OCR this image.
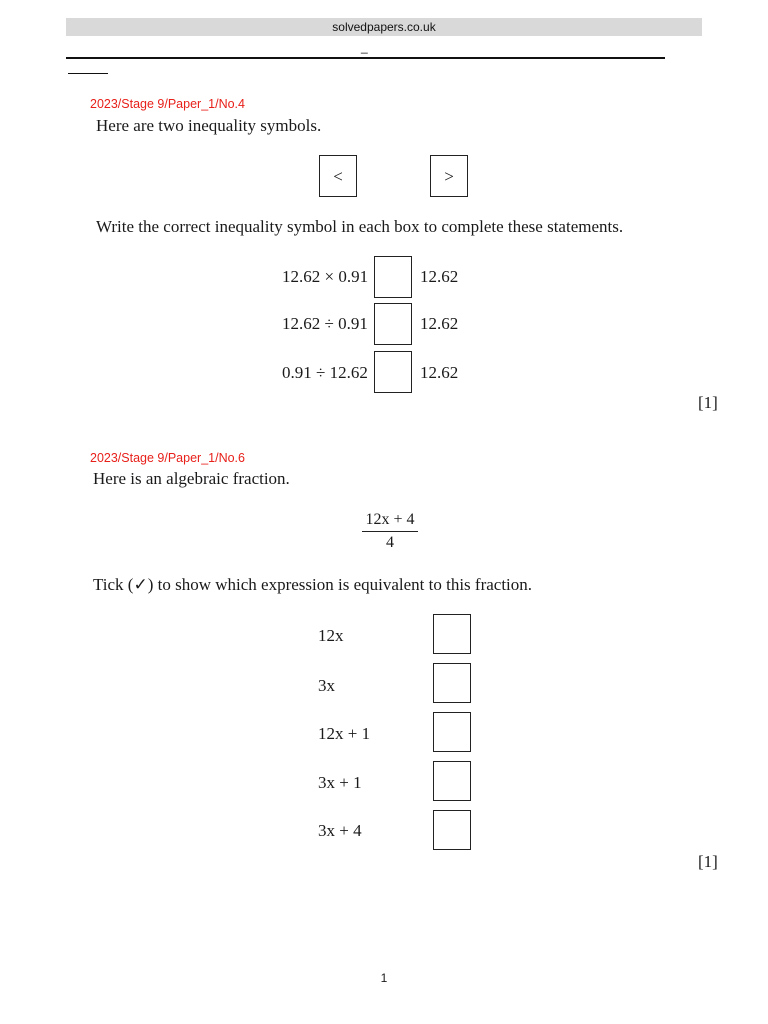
solvedpapers.co.uk
_
2023/Stage 9/Paper_1/No.4
Here are two inequality symbols.
<	>
Write the correct inequality symbol in each box to complete these statements.
12.62 × 0.91	12.62
12.62 ÷ 0.91	12.62
0.91 ÷ 12.62	12.62
[1]
2023/Stage 9/Paper_1/No.6
Here is an algebraic fraction.
12x + 4
4
Tick (✓) to show which expression is equivalent to this fraction.
12x
3x
12x + 1
3x + 1
3x + 4
[1]
1
